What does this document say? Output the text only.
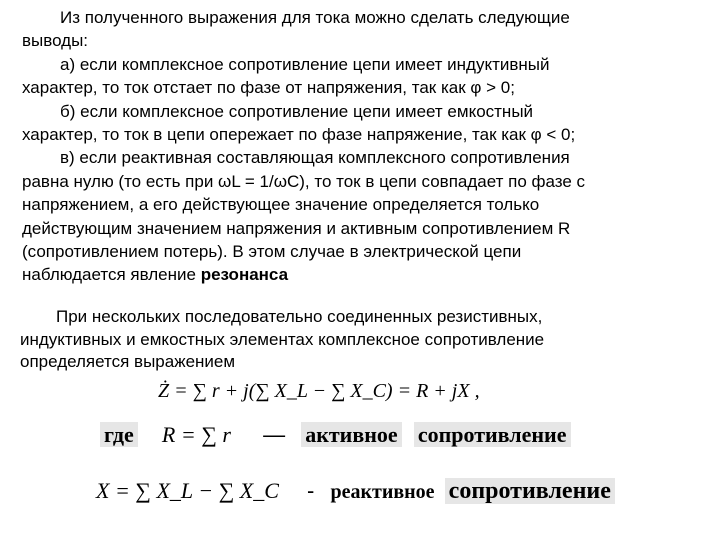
Из полученного выражения для тока можно сделать следующие
выводы:
а) если комплексное сопротивление цепи имеет индуктивный
характер, то ток отстает по фазе от напряжения, так как φ > 0;
б) если комплексное сопротивление цепи имеет емкостный
характер, то ток в цепи опережает по фазе напряжение, так как φ < 0;
в) если реактивная составляющая комплексного сопротивления
равна нулю (то есть при ωL = 1/ωC), то ток в цепи совпадает по фазе с
напряжением, а его действующее значение определяется только
действующим значением напряжения и активным сопротивлением R
(сопротивлением потерь). В этом случае в электрической цепи
наблюдается явление резонанса
При нескольких последовательно соединенных резистивных,
индуктивных и емкостных элементах комплексное сопротивление
определяется выражением
Ż = ∑ r + j(∑ X_L − ∑ X_C) = R + jX ,
где R = ∑ r — активное сопротивление
X = ∑ X_L − ∑ X_C - реактивное сопротивление
